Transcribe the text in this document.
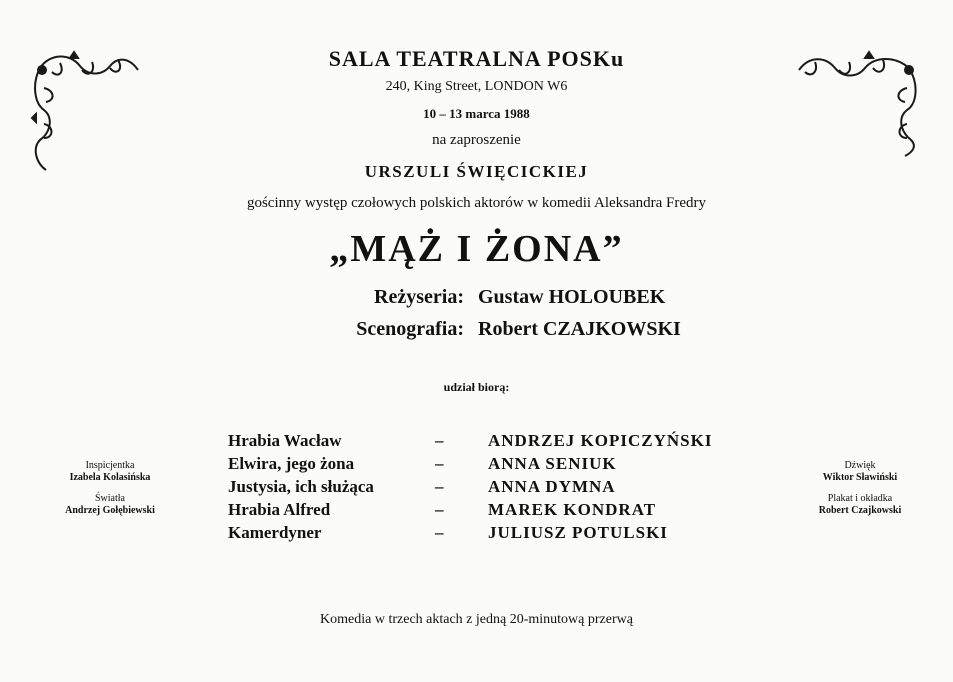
SALA TEATRALNA POSKu
240, King Street, LONDON W6
10 – 13 marca 1988
na zaproszenie
URSZULI ŚWIĘCICKIEJ
gościnny występ czołowych polskich aktorów w komedii Aleksandra Fredry
„MĄŻ I ŻONA”
Reżyseria: Gustaw HOLOUBEK
Scenografia: Robert CZAJKOWSKI
udział biorą:
Hrabia Wacław	–	ANDRZEJ KOPICZYŃSKI
Elwira, jego żona	–	ANNA SENIUK
Justysia, ich służąca	–	ANNA DYMNA
Hrabia Alfred	–	MAREK KONDRAT
Kamerdyner	–	JULIUSZ POTULSKI
Inspicjentka
Izabela Kolasińska
Światła
Andrzej Gołębiewski
Dźwięk
Wiktor Sławiński
Plakat i okładka
Robert Czajkowski
Komedia w trzech aktach z jedną 20-minutową przerwą
